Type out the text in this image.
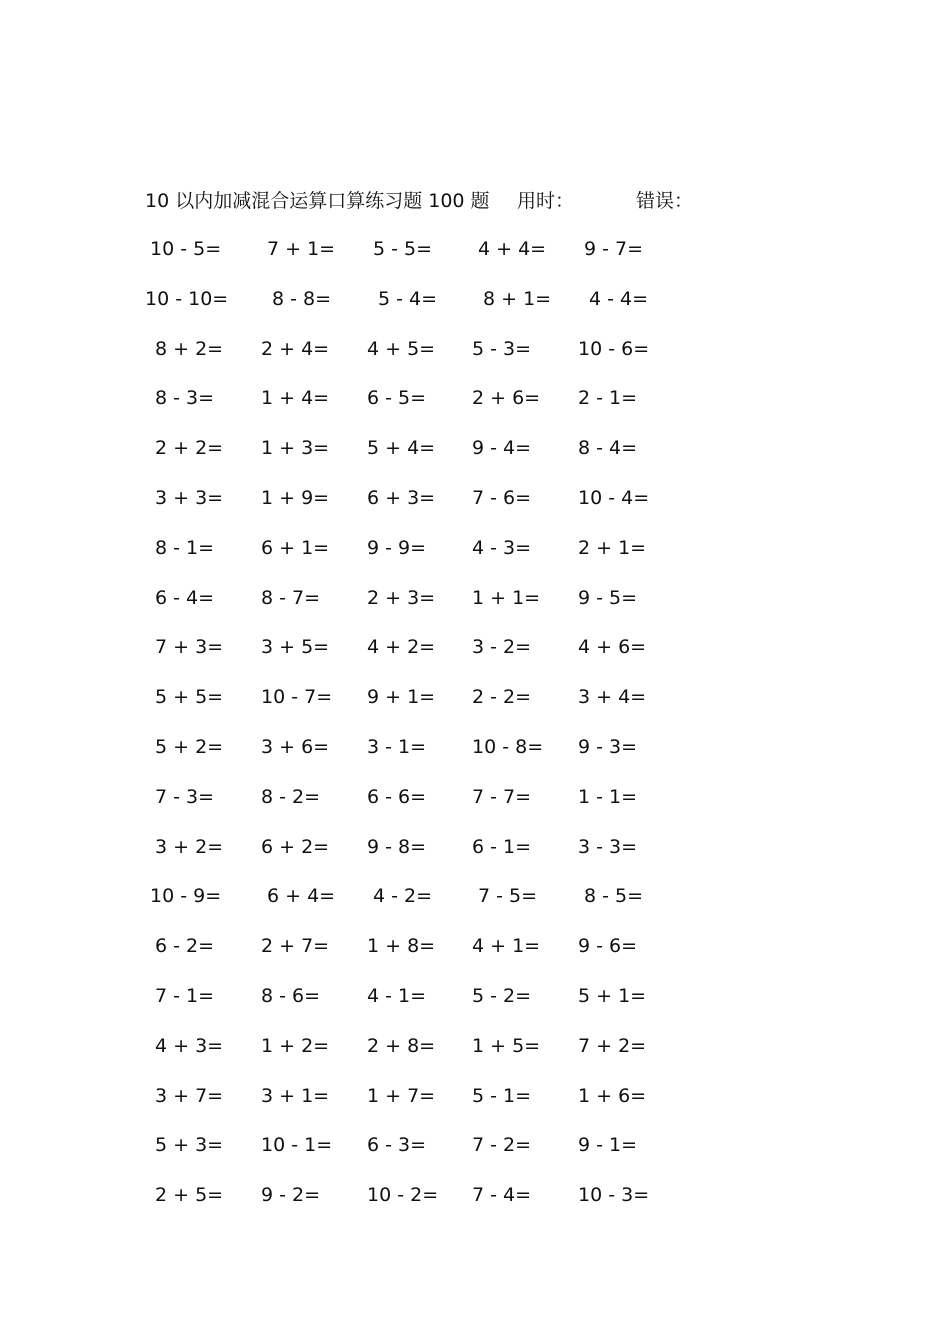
10 以内加减混合运算口算练习题 100 题 用时：	错误：
10 - 5= 7 + 1= 5 - 5= 4 + 4= 9 - 7=
10 - 10= 8 - 8= 5 - 4= 8 + 1= 4 - 4=
8 + 2= 2 + 4= 4 + 5= 5 - 3= 10 - 6=
8 - 3= 1 + 4= 6 - 5= 2 + 6= 2 - 1=
2 + 2= 1 + 3= 5 + 4= 9 - 4= 8 - 4=
3 + 3= 1 + 9= 6 + 3= 7 - 6= 10 - 4=
8 - 1= 6 + 1= 9 - 9= 4 - 3= 2 + 1=
6 - 4= 8 - 7= 2 + 3= 1 + 1= 9 - 5=
7 + 3= 3 + 5= 4 + 2= 3 - 2= 4 + 6=
5 + 5= 10 - 7= 9 + 1= 2 - 2= 3 + 4=
5 + 2= 3 + 6= 3 - 1= 10 - 8= 9 - 3=
7 - 3= 8 - 2= 6 - 6= 7 - 7= 1 - 1=
3 + 2= 6 + 2= 9 - 8= 6 - 1= 3 - 3=
10 - 9= 6 + 4= 4 - 2= 7 - 5= 8 - 5=
6 - 2= 2 + 7= 1 + 8= 4 + 1= 9 - 6=
7 - 1= 8 - 6= 4 - 1= 5 - 2= 5 + 1=
4 + 3= 1 + 2= 2 + 8= 1 + 5= 7 + 2=
3 + 7= 3 + 1= 1 + 7= 5 - 1= 1 + 6=
5 + 3= 10 - 1= 6 - 3= 7 - 2= 9 - 1=
2 + 5= 9 - 2= 10 - 2= 7 - 4= 10 - 3=
